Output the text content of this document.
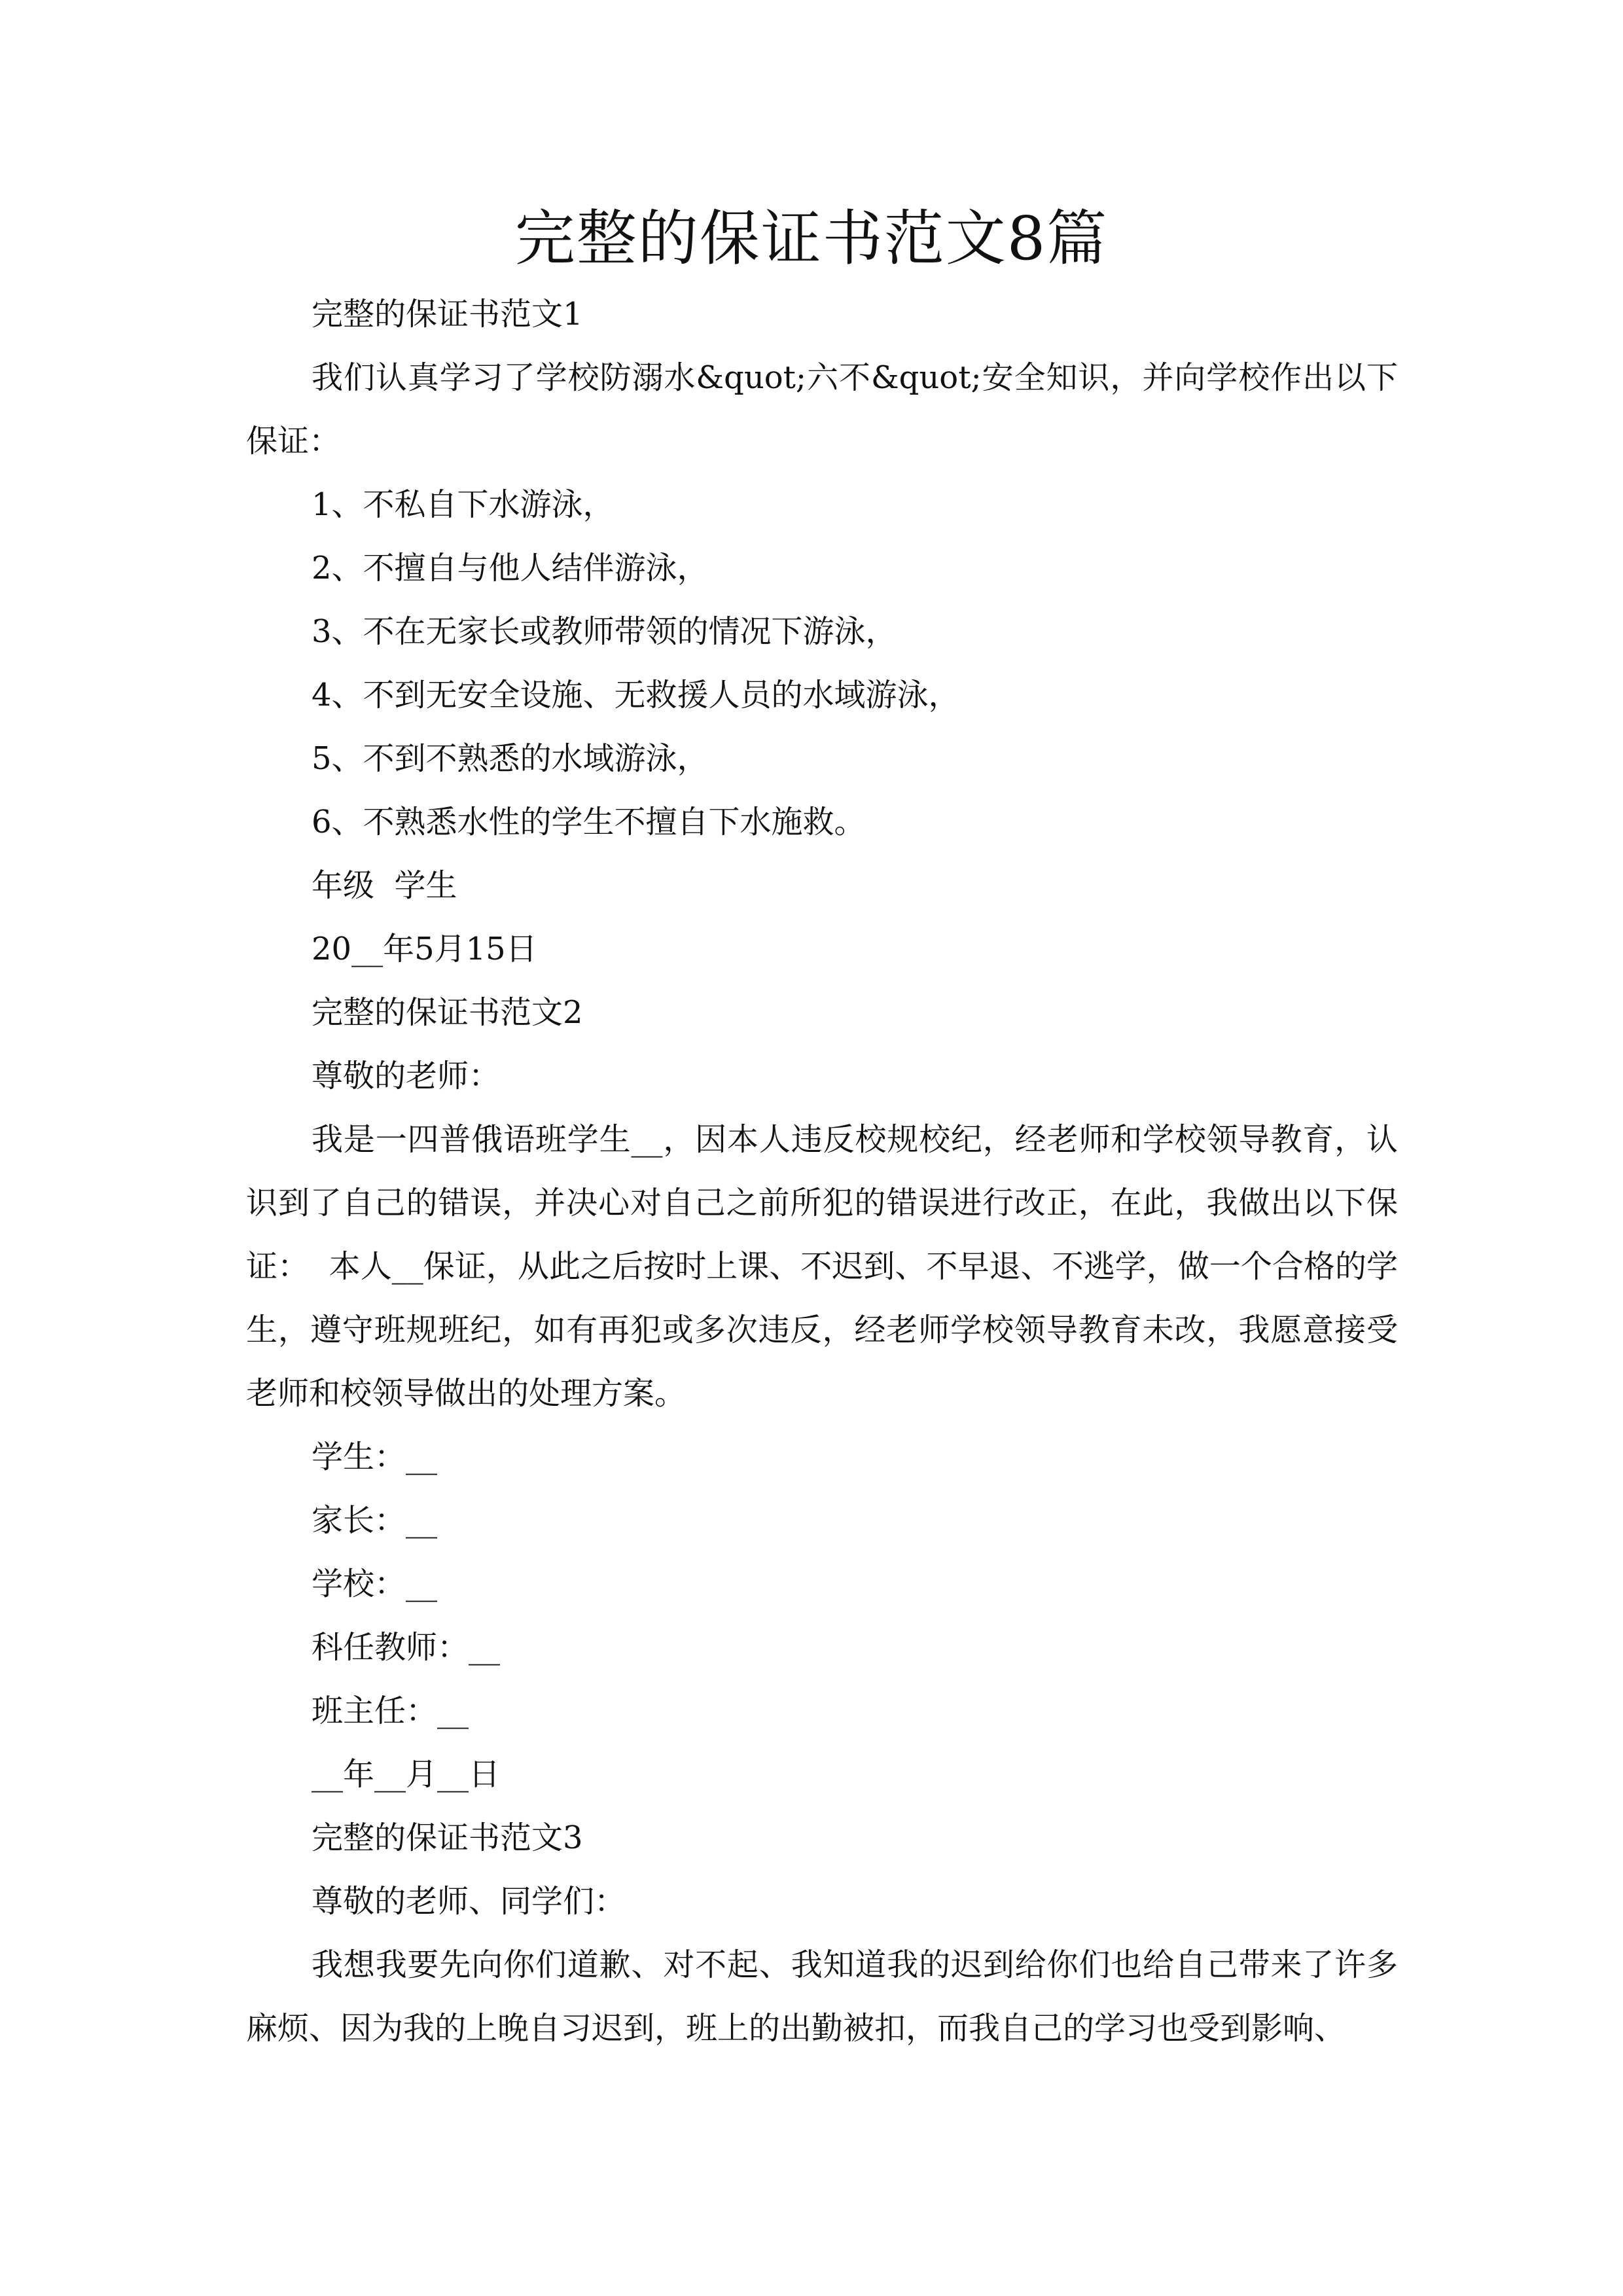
完整的保证书范文8篇

完整的保证书范文1

我们认真学习了学校防溺水&quot;六不&quot;安全知识，并向学校作出以下保证：

1、不私自下水游泳，

2、不擅自与他人结伴游泳，

3、不在无家长或教师带领的情况下游泳，

4、不到无安全设施、无救援人员的水域游泳，

5、不到不熟悉的水域游泳，

6、不熟悉水性的学生不擅自下水施救。

年级  学生

20__年5月15日

完整的保证书范文2

尊敬的老师：

我是一四普俄语班学生__，因本人违反校规校纪，经老师和学校领导教育，认识到了自己的错误，并决心对自己之前所犯的错误进行改正，在此，我做出以下保证：  本人__保证，从此之后按时上课、不迟到、不早退、不逃学，做一个合格的学生，遵守班规班纪，如有再犯或多次违反，经老师学校领导教育未改，我愿意接受老师和校领导做出的处理方案。

学生：__

家长：__

学校：__

科任教师：__

班主任：__

__年__月__日

完整的保证书范文3

尊敬的老师、同学们：

我想我要先向你们道歉、对不起、我知道我的迟到给你们也给自己带来了许多麻烦、因为我的上晚自习迟到，班上的出勤被扣，而我自己的学习也受到影响、
